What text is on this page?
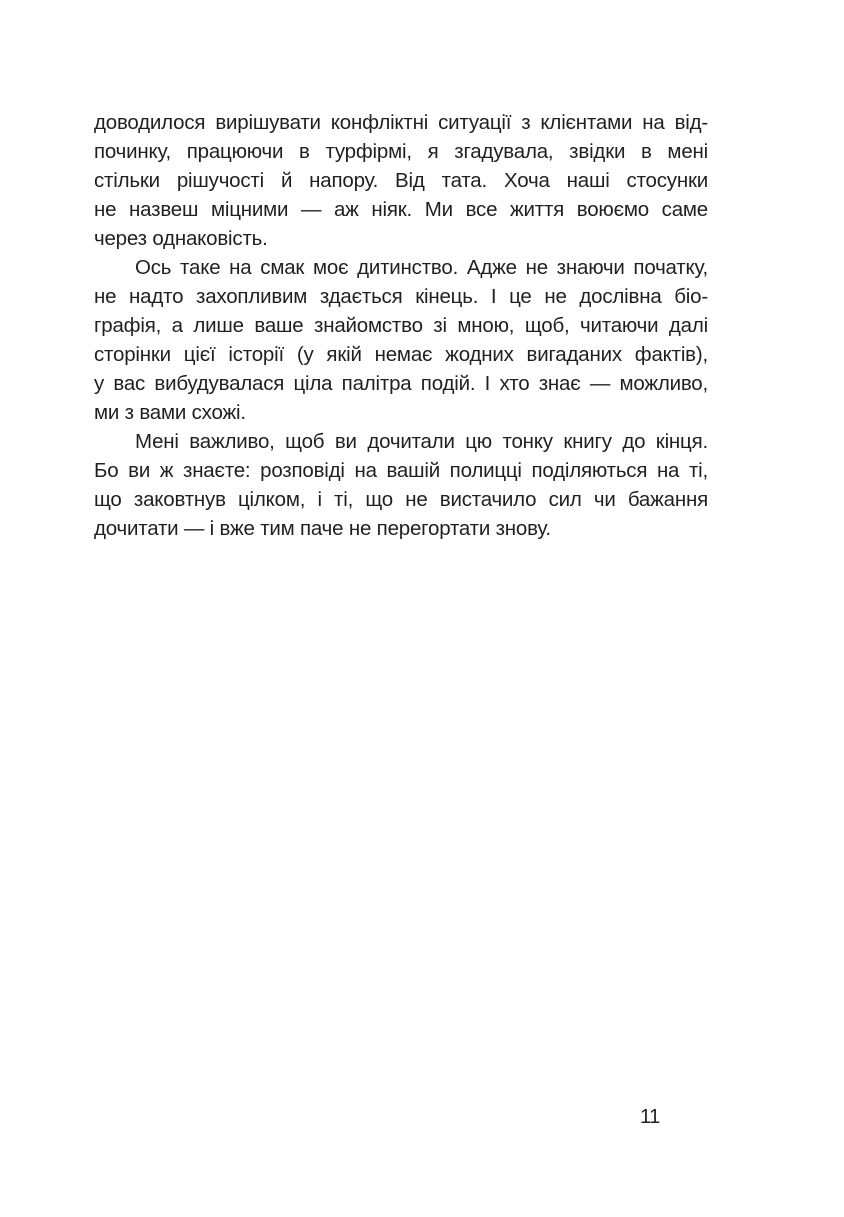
доводилося вирішувати конфліктні ситуації з клієнтами на від-
починку, працюючи в турфірмі, я згадувала, звідки в мені
стільки рішучості й напору. Від тата. Хоча наші стосунки
не назвеш міцними — аж ніяк. Ми все життя воюємо саме
через однаковість.
Ось таке на смак моє дитинство. Адже не знаючи початку,
не надто захопливим здається кінець. І це не дослівна біо-
графія, а лише ваше знайомство зі мною, щоб, читаючи далі
сторінки цієї історії (у якій немає жодних вигаданих фактів),
у вас вибудувалася ціла палітра подій. І хто знає — можливо,
ми з вами схожі.
Мені важливо, щоб ви дочитали цю тонку книгу до кінця.
Бо ви ж знаєте: розповіді на вашій полицці поділяються на ті,
що заковтнув цілком, і ті, що не вистачило сил чи бажання
дочитати — і вже тим паче не перегортати знову.
11
